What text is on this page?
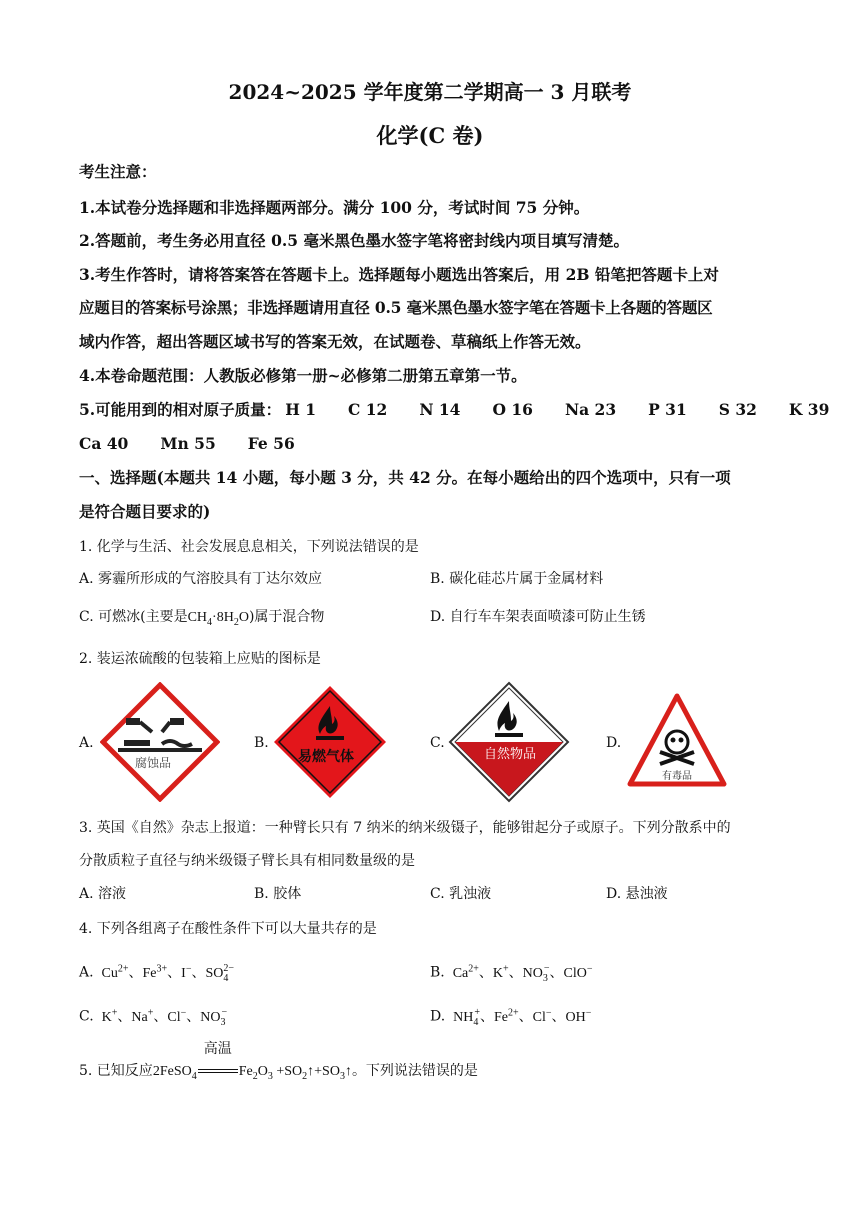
2024~2025 学年度第二学期高一 3 月联考
化学(C 卷)
考生注意：
1.本试卷分选择题和非选择题两部分。满分 100 分，考试时间 75 分钟。
2.答题前，考生务必用直径 0.5 毫米黑色墨水签字笔将密封线内项目填写清楚。
3.考生作答时，请将答案答在答题卡上。选择题每小题选出答案后，用 2B 铅笔把答题卡上对
应题目的答案标号涂黑；非选择题请用直径 0.5 毫米黑色墨水签字笔在答题卡上各题的答题区
域内作答，超出答题区域书写的答案无效，在试题卷、草稿纸上作答无效。
4.本卷命题范围：人教版必修第一册~必修第二册第五章第一节。
5.可能用到的相对原子质量： H 1 C 12 N 14 O 16 Na 23 P 31 S 32 K 39
Ca 40 Mn 55 Fe 56
一、选择题(本题共 14 小题，每小题 3 分，共 42 分。在每小题给出的四个选项中，只有一项
是符合题目要求的)
1. 化学与生活、社会发展息息相关，下列说法错误的是
A. 雾霾所形成的气溶胶具有丁达尔效应	B. 碳化硅芯片属于金属材料
C. 可燃冰(主要是$CH_4\cdot 8H_2O$)属于混合物	D. 自行车车架表面喷漆可防止生锈
2. 装运浓硫酸的包装箱上应贴的图标是
A.
腐蚀品
B.
易燃气体
C.
自然物品
D.
有毒品
3. 英国《自然》杂志上报道：一种臂长只有 7 纳米的纳米级镊子，能够钳起分子或原子。下列分散系中的
分散质粒子直径与纳米级镊子臂长具有相同数量级的是
A. 溶液	B. 胶体	C. 乳浊液	D. 悬浊液
4. 下列各组离子在酸性条件下可以大量共存的是
A.  $Cu^{2+}$、$Fe^{3+}$、I−、$SO_4^{2-}$	B.  $Ca^{2+}$、K+、$NO_3^-$、ClO−
C.  K+、Na+、Cl−、$NO_3^-$	D.  $NH_4^+$、$Fe^{2+}$、Cl−、OH−
5. 已知反应2FeSO$_4$
高温
$Fe_2O_3$ $+SO_2↑+SO_3↑$。下列说法错误的是
